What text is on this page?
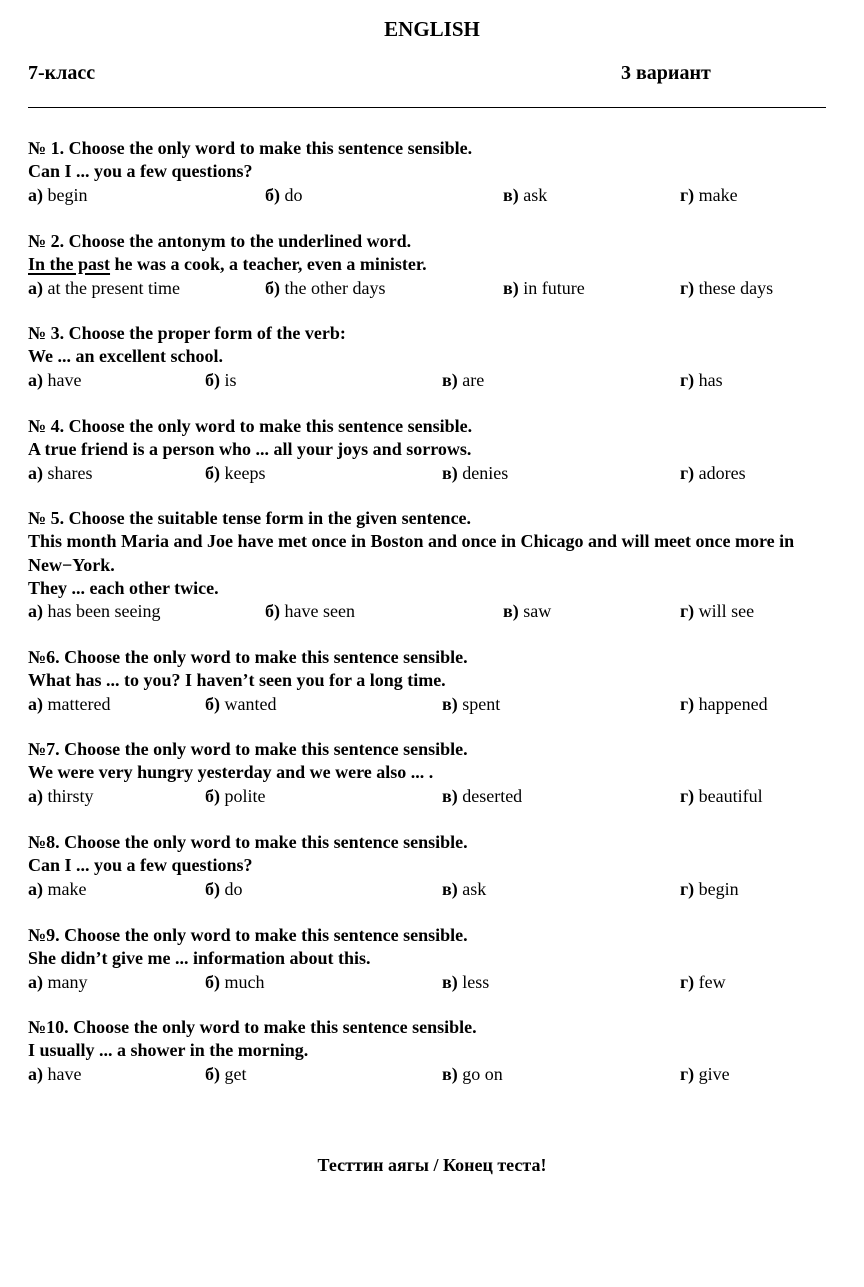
ENGLISH
7-класс	3 вариант
№ 1. Choose the only word to make this sentence sensible.
Can I ... you a few questions?
а) begin	б) do	в) ask	г) make
№ 2. Choose the antonym to the underlined word.
In the past he was a cook, a teacher, even a minister.
а) at the present time	б) the other days	в) in future	г) these days
№ 3. Choose the proper form of the verb:
We ... an excellent school.
а) have	б) is	в) are	г) has
№ 4. Choose the only word to make this sentence sensible.
A true friend is a person who ... all your joys and sorrows.
а) shares	б) keeps	в) denies	г) adores
№ 5. Choose the suitable tense form in the given sentence.
This month Maria and Joe have met once in Boston and once in Chicago and will meet once more in New−York.
They ... each other twice.
а) has been seeing	б) have seen	в) saw	г) will see
№6. Choose the only word to make this sentence sensible.
What has ... to you? I haven’t seen you for a long time.
а) mattered	б) wanted	в) spent	г) happened
№7. Choose the only word to make this sentence sensible.
We were very hungry yesterday and we were also ... .
а) thirsty	б) polite	в) deserted	г) beautiful
№8. Choose the only word to make this sentence sensible.
Can I ... you a few questions?
а) make	б) do	в) ask	г) begin
№9. Choose the only word to make this sentence sensible.
She didn’t give me ... information about this.
а) many	б) much	в) less	г) few
№10. Choose the only word to make this sentence sensible.
I usually ... a shower in the morning.
а) have	б) get	в) go on	г) give
Тесттин аягы / Конец теста!
